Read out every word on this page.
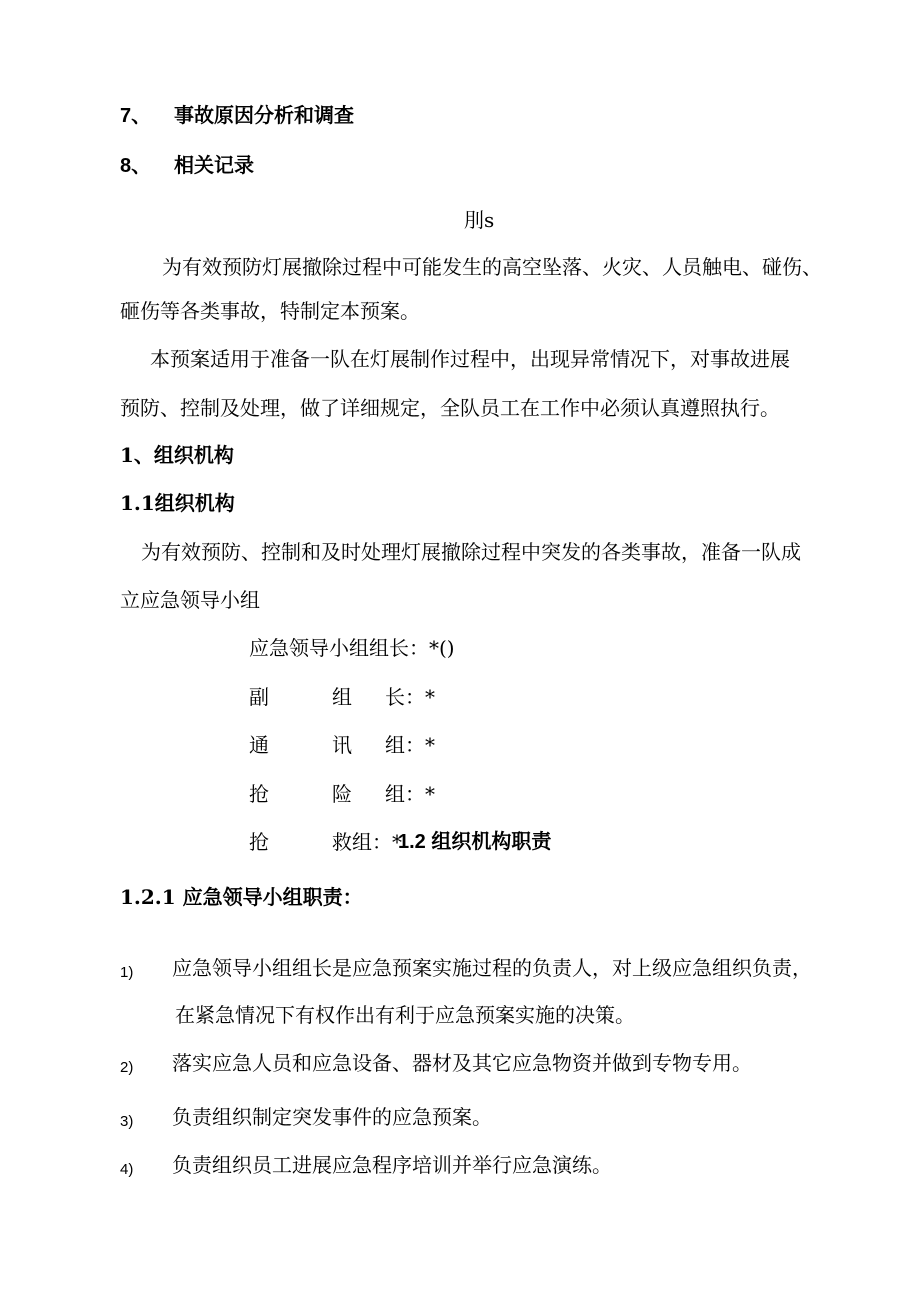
7、 事故原因分析和调查
8、 相关记录
刖s
为有效预防灯展撤除过程中可能发生的高空坠落、火灾、人员触电、碰伤、
砸伤等各类事故，特制定本预案。
本预案适用于准备一队在灯展制作过程中，出现异常情况下，对事故进展
预防、控制及处理，做了详细规定，全队员工在工作中必须认真遵照执行。
1、组织机构
1.1组织机构
为有效预防、控制和及时处理灯展撤除过程中突发的各类事故，准备一队成
立应急领导小组
应急领导小组组长：*()
副	组 长：*
通	讯 组：*
抢	险 组：*
抢	救组：*
1.2 组织机构职责
1.2.1 应急领导小组职责：
1) 应急领导小组组长是应急预案实施过程的负责人，对上级应急组织负责，
在紧急情况下有权作出有利于应急预案实施的决策。
2) 落实应急人员和应急设备、器材及其它应急物资并做到专物专用。
3) 负责组织制定突发事件的应急预案。
4) 负责组织员工进展应急程序培训并举行应急演练。
